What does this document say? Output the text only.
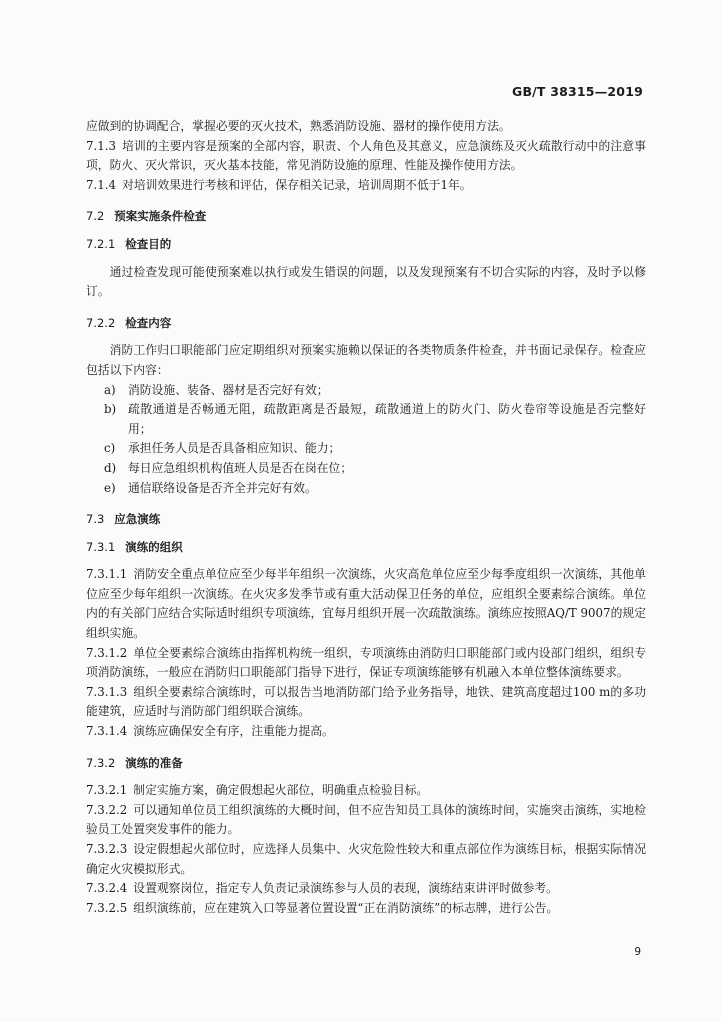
GB/T 38315—2019

应做到的协调配合，掌握必要的灭火技术，熟悉消防设施、器材的操作使用方法。

7.1.3 培训的主要内容是预案的全部内容，职责、个人角色及其意义，应急演练及灭火疏散行动中的注意事项，防火、灭火常识，灭火基本技能，常见消防设施的原理、性能及操作使用方法。

7.1.4 对培训效果进行考核和评估，保存相关记录，培训周期不低于1年。

7.2 预案实施条件检查

7.2.1 检查目的

通过检查发现可能使预案难以执行或发生错误的问题，以及发现预案有不切合实际的内容，及时予以修订。

7.2.2 检查内容

消防工作归口职能部门应定期组织对预案实施赖以保证的各类物质条件检查，并书面记录保存。检查应包括以下内容：

a)	消防设施、装备、器材是否完好有效；
b)	疏散通道是否畅通无阻，疏散距离是否最短，疏散通道上的防火门、防火卷帘等设施是否完整好用；
c)	承担任务人员是否具备相应知识、能力；
d)	每日应急组织机构值班人员是否在岗在位；
e)	通信联络设备是否齐全并完好有效。

7.3 应急演练

7.3.1 演练的组织

7.3.1.1 消防安全重点单位应至少每半年组织一次演练，火灾高危单位应至少每季度组织一次演练，其他单位应至少每年组织一次演练。在火灾多发季节或有重大活动保卫任务的单位，应组织全要素综合演练。单位内的有关部门应结合实际适时组织专项演练，宜每月组织开展一次疏散演练。演练应按照AQ/T 9007的规定组织实施。

7.3.1.2 单位全要素综合演练由指挥机构统一组织，专项演练由消防归口职能部门或内设部门组织，组织专项消防演练，一般应在消防归口职能部门指导下进行，保证专项演练能够有机融入本单位整体演练要求。

7.3.1.3 组织全要素综合演练时，可以报告当地消防部门给予业务指导，地铁、建筑高度超过100 m的多功能建筑，应适时与消防部门组织联合演练。

7.3.1.4 演练应确保安全有序，注重能力提高。

7.3.2 演练的准备

7.3.2.1 制定实施方案，确定假想起火部位，明确重点检验目标。

7.3.2.2 可以通知单位员工组织演练的大概时间，但不应告知员工具体的演练时间，实施突击演练，实地检验员工处置突发事件的能力。

7.3.2.3 设定假想起火部位时，应选择人员集中、火灾危险性较大和重点部位作为演练目标，根据实际情况确定火灾模拟形式。

7.3.2.4 设置观察岗位，指定专人负责记录演练参与人员的表现，演练结束讲评时做参考。

7.3.2.5 组织演练前，应在建筑入口等显著位置设置“正在消防演练”的标志牌，进行公告。

9
